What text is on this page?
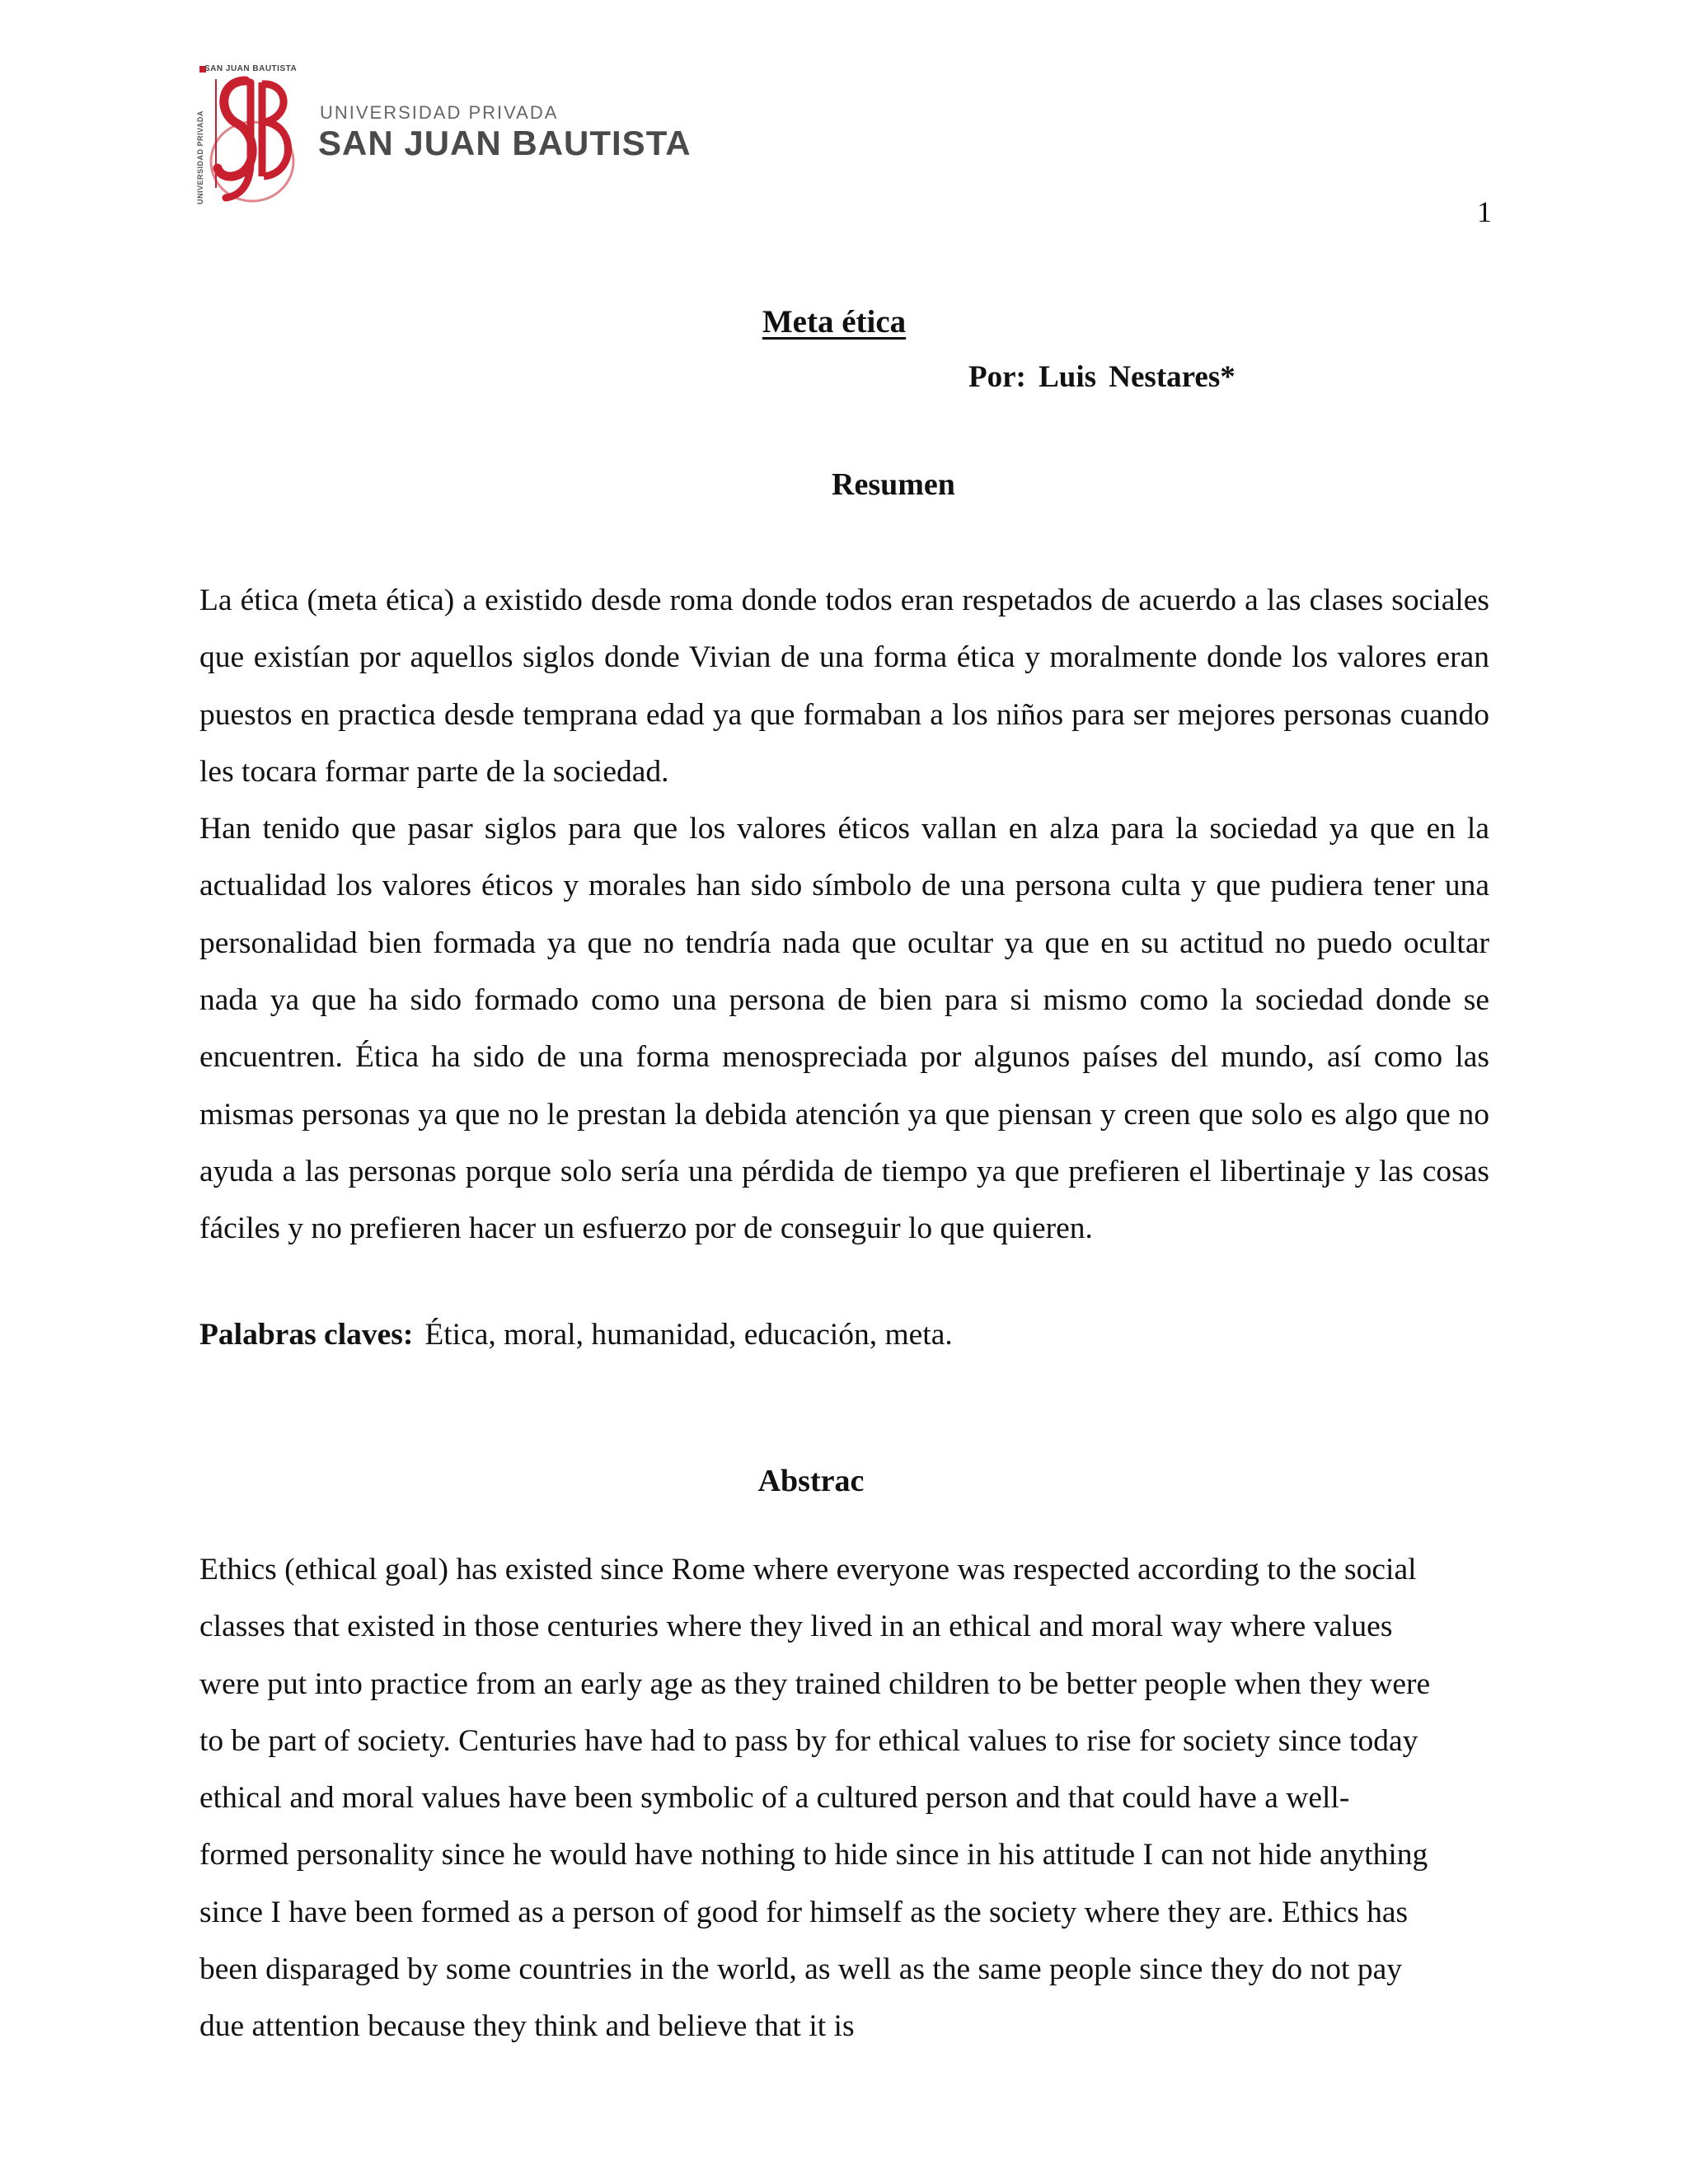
SAN JUAN BAUTISTA
UNIVERSIDAD PRIVADA	UNIVERSIDAD PRIVADA
SAN JUAN BAUTISTA
1
Meta ética
Por: Luis Nestares*
Resumen

La ética (meta ética) a existido desde roma donde todos eran respetados de acuerdo a las clases sociales que existían por aquellos siglos donde Vivian de una forma ética y moralmente donde los valores eran puestos en practica desde temprana edad ya que formaban a los niños para ser mejores personas cuando les tocara formar parte de la sociedad.

Han tenido que pasar siglos para que los valores éticos vallan en alza para la sociedad ya que en la actualidad los valores éticos y morales han sido símbolo de una persona culta y que pudiera tener una personalidad bien formada ya que no tendría nada que ocultar ya que en su actitud no puedo ocultar nada ya que ha sido formado como una persona de bien para si mismo como la sociedad donde se encuentren. Ética ha sido de una forma menospreciada por algunos países del mundo, así como las mismas personas ya que no le prestan la debida atención ya que piensan y creen que solo es algo que no ayuda a las personas porque solo sería una pérdida de tiempo ya que prefieren el libertinaje y las cosas fáciles y no prefieren hacer un esfuerzo por de conseguir lo que quieren.

Palabras claves: Ética, moral, humanidad, educación, meta.
Abstrac
Ethics (ethical goal) has existed since Rome where everyone was respected according to the social classes that existed in those centuries where they lived in an ethical and moral way where values were put into practice from an early age as they trained children to be better people when they were to be part of society. Centuries have had to pass by for ethical values to rise for society since today ethical and moral values have been symbolic of a cultured person and that could have a well-formed personality since he would have nothing to hide since in his attitude I can not hide anything since I have been formed as a person of good for himself as the society where they are. Ethics has been disparaged by some countries in the world, as well as the same people since they do not pay due attention because they think and believe that it is
